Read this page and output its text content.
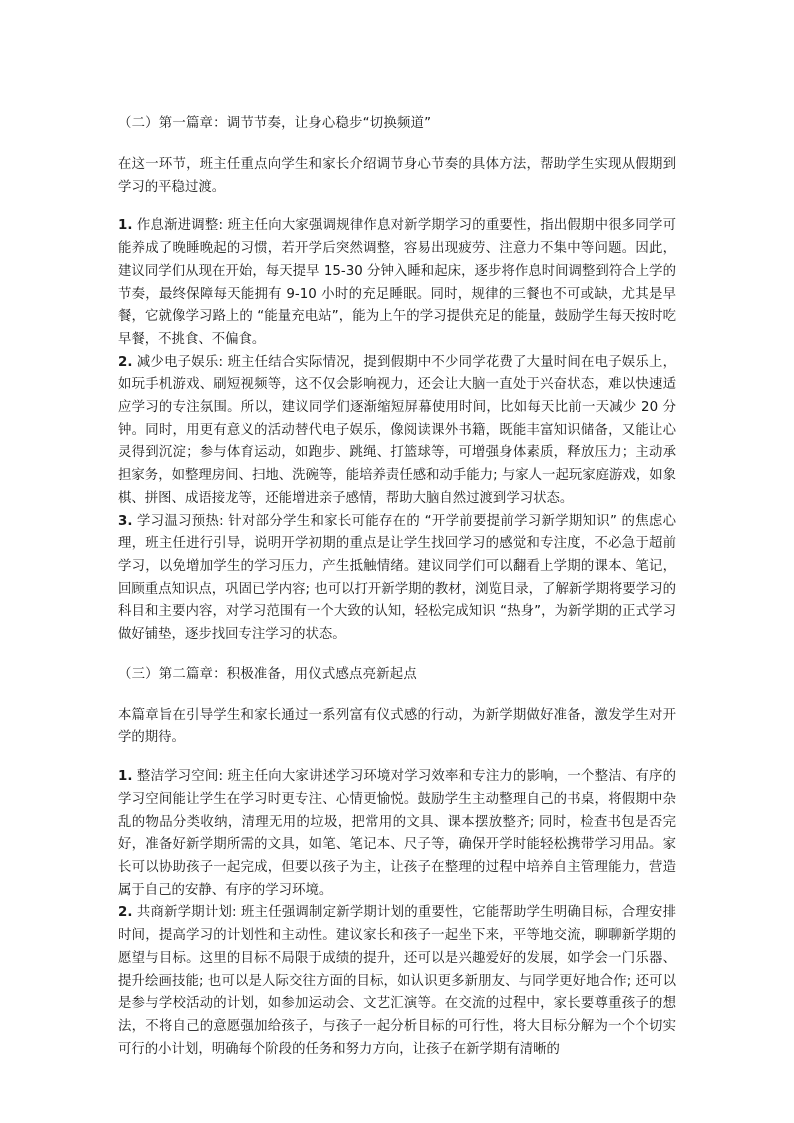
（二）第一篇章：调节节奏，让身心稳步“切换频道”

在这一环节，班主任重点向学生和家长介绍调节身心节奏的具体方法，帮助学生实现从假期到学习的平稳过渡。

1. 作息渐进调整: 班主任向大家强调规律作息对新学期学习的重要性，指出假期中很多同学可能养成了晚睡晚起的习惯，若开学后突然调整，容易出现疲劳、注意力不集中等问题。因此，建议同学们从现在开始，每天提早 15-30 分钟入睡和起床，逐步将作息时间调整到符合上学的节奏，最终保障每天能拥有 9-10 小时的充足睡眠。同时，规律的三餐也不可或缺，尤其是早餐，它就像学习路上的 “能量充电站”，能为上午的学习提供充足的能量，鼓励学生每天按时吃早餐，不挑食、不偏食。

2. 减少电子娱乐: 班主任结合实际情况，提到假期中不少同学花费了大量时间在电子娱乐上，如玩手机游戏、刷短视频等，这不仅会影响视力，还会让大脑一直处于兴奋状态，难以快速适应学习的专注氛围。所以，建议同学们逐渐缩短屏幕使用时间，比如每天比前一天减少 20 分钟。同时，用更有意义的活动替代电子娱乐，像阅读课外书籍，既能丰富知识储备，又能让心灵得到沉淀；参与体育运动，如跑步、跳绳、打篮球等，可增强身体素质，释放压力；主动承担家务，如整理房间、扫地、洗碗等，能培养责任感和动手能力; 与家人一起玩家庭游戏，如象棋、拼图、成语接龙等，还能增进亲子感情，帮助大脑自然过渡到学习状态。

3. 学习温习预热: 针对部分学生和家长可能存在的 “开学前要提前学习新学期知识” 的焦虑心理，班主任进行引导，说明开学初期的重点是让学生找回学习的感觉和专注度，不必急于超前学习，以免增加学生的学习压力，产生抵触情绪。建议同学们可以翻看上学期的课本、笔记，回顾重点知识点，巩固已学内容; 也可以打开新学期的教材，浏览目录，了解新学期将要学习的科目和主要内容，对学习范围有一个大致的认知，轻松完成知识 “热身”，为新学期的正式学习做好铺垫，逐步找回专注学习的状态。

（三）第二篇章：积极准备，用仪式感点亮新起点

本篇章旨在引导学生和家长通过一系列富有仪式感的行动，为新学期做好准备，激发学生对开学的期待。

1. 整洁学习空间: 班主任向大家讲述学习环境对学习效率和专注力的影响，一个整洁、有序的学习空间能让学生在学习时更专注、心情更愉悦。鼓励学生主动整理自己的书桌，将假期中杂乱的物品分类收纳，清理无用的垃圾，把常用的文具、课本摆放整齐; 同时，检查书包是否完好，准备好新学期所需的文具，如笔、笔记本、尺子等，确保开学时能轻松携带学习用品。家长可以协助孩子一起完成，但要以孩子为主，让孩子在整理的过程中培养自主管理能力，营造属于自己的安静、有序的学习环境。

2. 共商新学期计划: 班主任强调制定新学期计划的重要性，它能帮助学生明确目标，合理安排时间，提高学习的计划性和主动性。建议家长和孩子一起坐下来，平等地交流，聊聊新学期的愿望与目标。这里的目标不局限于成绩的提升，还可以是兴趣爱好的发展，如学会一门乐器、提升绘画技能; 也可以是人际交往方面的目标，如认识更多新朋友、与同学更好地合作; 还可以是参与学校活动的计划，如参加运动会、文艺汇演等。在交流的过程中，家长要尊重孩子的想法，不将自己的意愿强加给孩子，与孩子一起分析目标的可行性，将大目标分解为一个个切实可行的小计划，明确每个阶段的任务和努力方向，让孩子在新学期有清晰的
